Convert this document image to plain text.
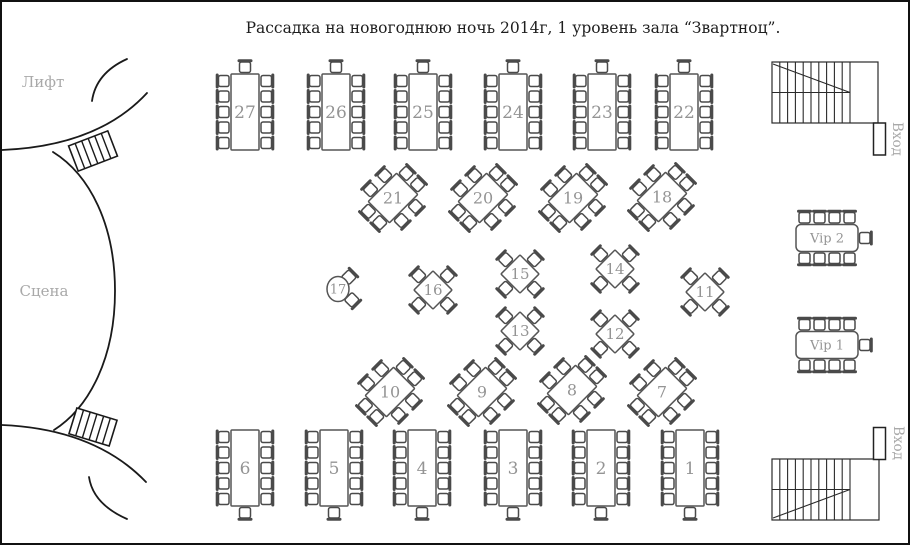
27	26	25	24	23	22
21	20	19	18
17	16
15	14
13	12
11
10	9	8	7
6	5	4	3	2	1
Vip 2
Vip 1
Рассадка на новогоднюю ночь 2014г, 1 уровень зала “Звартноц”.
Лифт
Сцена
Вход
Вход
